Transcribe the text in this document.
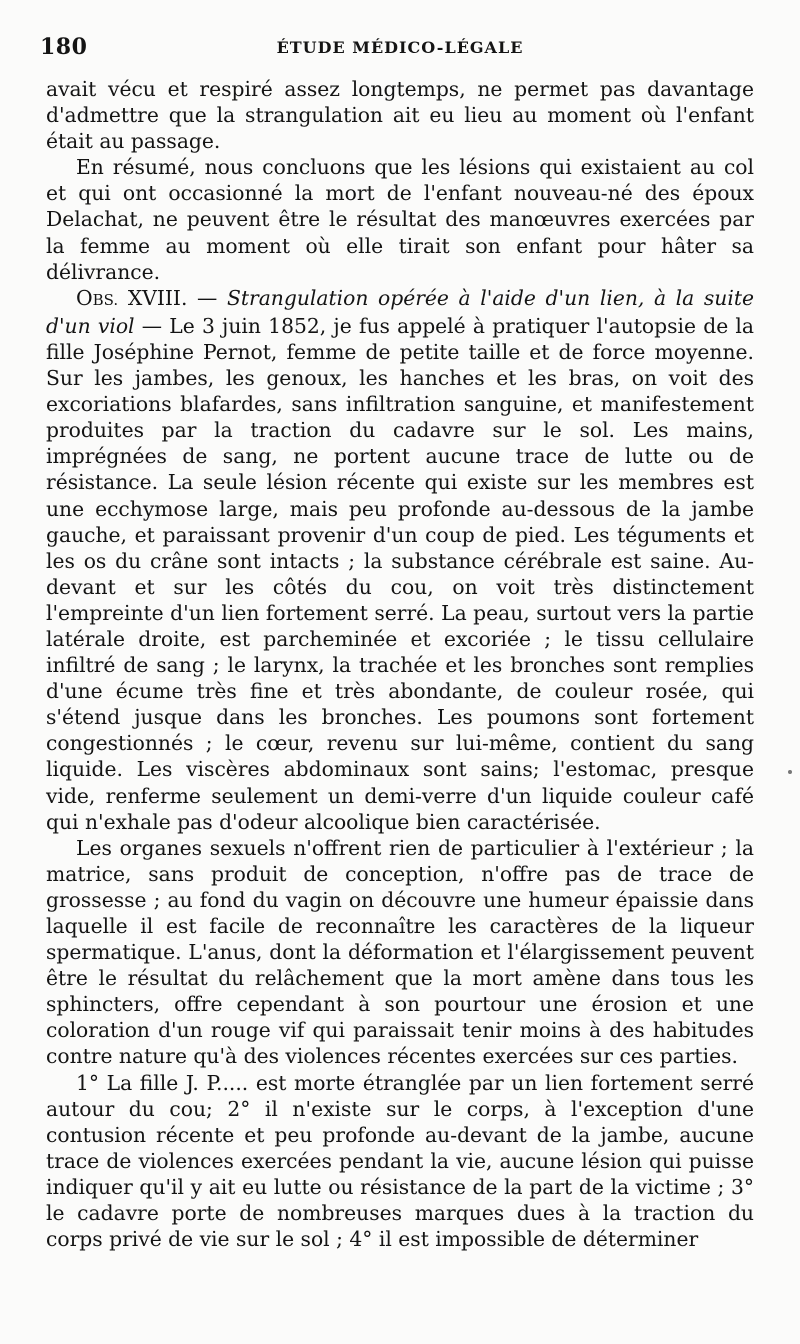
180	ÉTUDE MÉDICO-LÉGALE

avait vécu et respiré assez longtemps, ne permet pas davantage d'admettre que la strangulation ait eu lieu au moment où l'enfant était au passage.

En résumé, nous concluons que les lésions qui existaient au col et qui ont occasionné la mort de l'enfant nouveau-né des époux Delachat, ne peuvent être le résultat des manœuvres exercées par la femme au moment où elle tirait son enfant pour hâter sa délivrance.

OBS. XVIII. — Strangulation opérée à l'aide d'un lien, à la suite d'un viol — Le 3 juin 1852, je fus appelé à pratiquer l'autopsie de la fille Joséphine Pernot, femme de petite taille et de force moyenne. Sur les jambes, les genoux, les hanches et les bras, on voit des excoriations blafardes, sans infiltration sanguine, et manifestement produites par la traction du cadavre sur le sol. Les mains, imprégnées de sang, ne portent aucune trace de lutte ou de résistance. La seule lésion récente qui existe sur les membres est une ecchymose large, mais peu profonde au-dessous de la jambe gauche, et paraissant provenir d'un coup de pied. Les téguments et les os du crâne sont intacts ; la substance cérébrale est saine. Au-devant et sur les côtés du cou, on voit très distinctement l'empreinte d'un lien fortement serré. La peau, surtout vers la partie latérale droite, est parcheminée et excoriée ; le tissu cellulaire infiltré de sang ; le larynx, la trachée et les bronches sont remplies d'une écume très fine et très abondante, de couleur rosée, qui s'étend jusque dans les bronches. Les poumons sont fortement congestionnés ; le cœur, revenu sur lui-même, contient du sang liquide. Les viscères abdominaux sont sains; l'estomac, presque vide, renferme seulement un demi-verre d'un liquide couleur café qui n'exhale pas d'odeur alcoolique bien caractérisée.

Les organes sexuels n'offrent rien de particulier à l'extérieur ; la matrice, sans produit de conception, n'offre pas de trace de grossesse ; au fond du vagin on découvre une humeur épaissie dans laquelle il est facile de reconnaître les caractères de la liqueur spermatique. L'anus, dont la déformation et l'élargissement peuvent être le résultat du relâchement que la mort amène dans tous les sphincters, offre cependant à son pourtour une érosion et une coloration d'un rouge vif qui paraissait tenir moins à des habitudes contre nature qu'à des violences récentes exercées sur ces parties.

1° La fille J. P..... est morte étranglée par un lien fortement serré autour du cou; 2° il n'existe sur le corps, à l'exception d'une contusion récente et peu profonde au-devant de la jambe, aucune trace de violences exercées pendant la vie, aucune lésion qui puisse indiquer qu'il y ait eu lutte ou résistance de la part de la victime ; 3° le cadavre porte de nombreuses marques dues à la traction du corps privé de vie sur le sol ; 4° il est impossible de déterminer
